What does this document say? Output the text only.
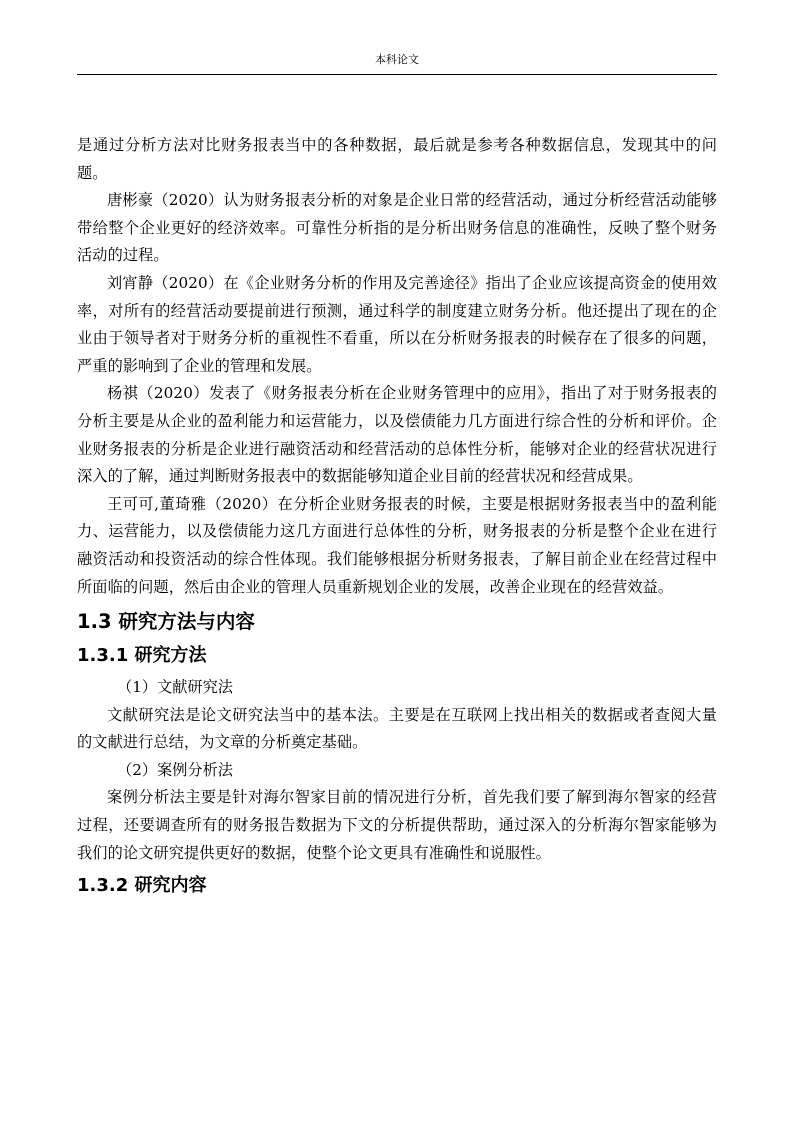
本科论文

是通过分析方法对比财务报表当中的各种数据，最后就是参考各种数据信息，发现其中的问题。

唐彬豪（2020）认为财务报表分析的对象是企业日常的经营活动，通过分析经营活动能够带给整个企业更好的经济效率。可靠性分析指的是分析出财务信息的准确性，反映了整个财务活动的过程。

刘宵静（2020）在《企业财务分析的作用及完善途径》指出了企业应该提高资金的使用效率，对所有的经营活动要提前进行预测，通过科学的制度建立财务分析。他还提出了现在的企业由于领导者对于财务分析的重视性不看重，所以在分析财务报表的时候存在了很多的问题，严重的影响到了企业的管理和发展。

杨祺（2020）发表了《财务报表分析在企业财务管理中的应用》，指出了对于财务报表的分析主要是从企业的盈利能力和运营能力，以及偿债能力几方面进行综合性的分析和评价。企业财务报表的分析是企业进行融资活动和经营活动的总体性分析，能够对企业的经营状况进行深入的了解，通过判断财务报表中的数据能够知道企业目前的经营状况和经营成果。

王可可,董琦雅（2020）在分析企业财务报表的时候，主要是根据财务报表当中的盈利能力、运营能力，以及偿债能力这几方面进行总体性的分析，财务报表的分析是整个企业在进行融资活动和投资活动的综合性体现。我们能够根据分析财务报表，了解目前企业在经营过程中所面临的问题，然后由企业的管理人员重新规划企业的发展，改善企业现在的经营效益。

1.3 研究方法与内容
1.3.1 研究方法

（1）文献研究法

文献研究法是论文研究法当中的基本法。主要是在互联网上找出相关的数据或者查阅大量的文献进行总结，为文章的分析奠定基础。

（2）案例分析法

案例分析法主要是针对海尔智家目前的情况进行分析，首先我们要了解到海尔智家的经营过程，还要调查所有的财务报告数据为下文的分析提供帮助，通过深入的分析海尔智家能够为我们的论文研究提供更好的数据，使整个论文更具有准确性和说服性。

1.3.2 研究内容
